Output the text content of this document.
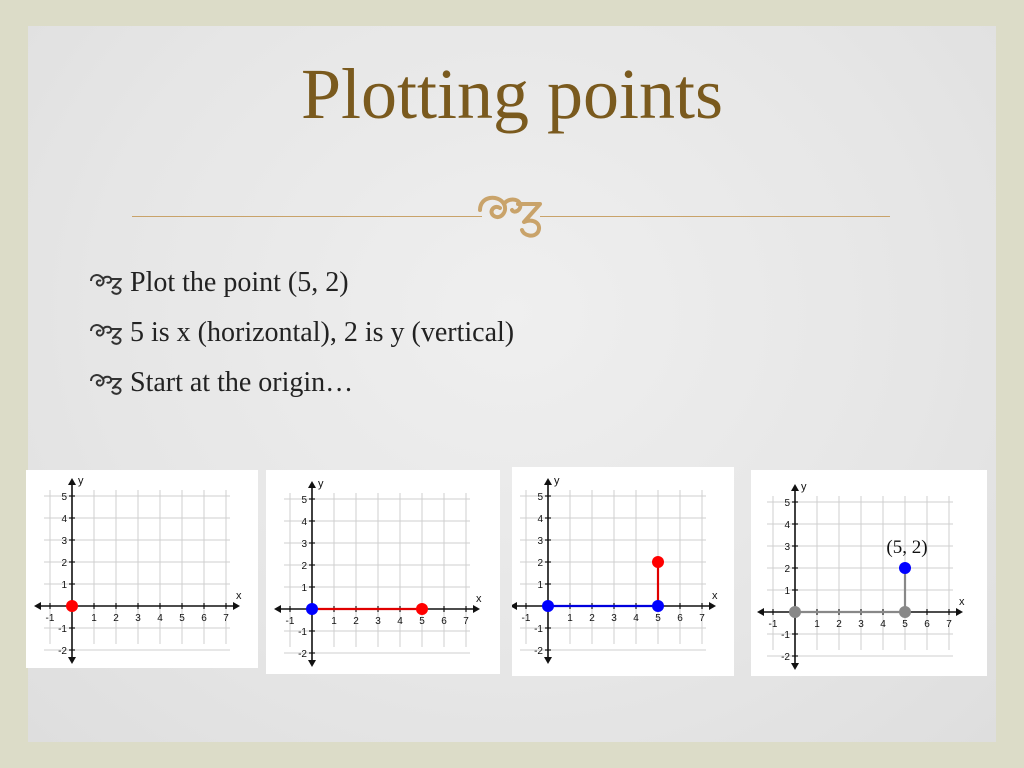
Plotting points
Plot the point (5, 2)
5 is x (horizontal), 2 is y (vertical)
Start at the origin…
x
y
-1	1 2 3 4 5 6 7
-2
-1
1
2
3
4
5
x
y
-1	1 2 3 4 5 6 7
-2
-1
1
2
3
4
5
x
y
-1	1 2 3 4 5 6 7
-2
-1
1
2
3
4
5
x
y
-1	1 2 3 4 5 6 7
-2
-1
1
2
3
4
5
(5, 2)
